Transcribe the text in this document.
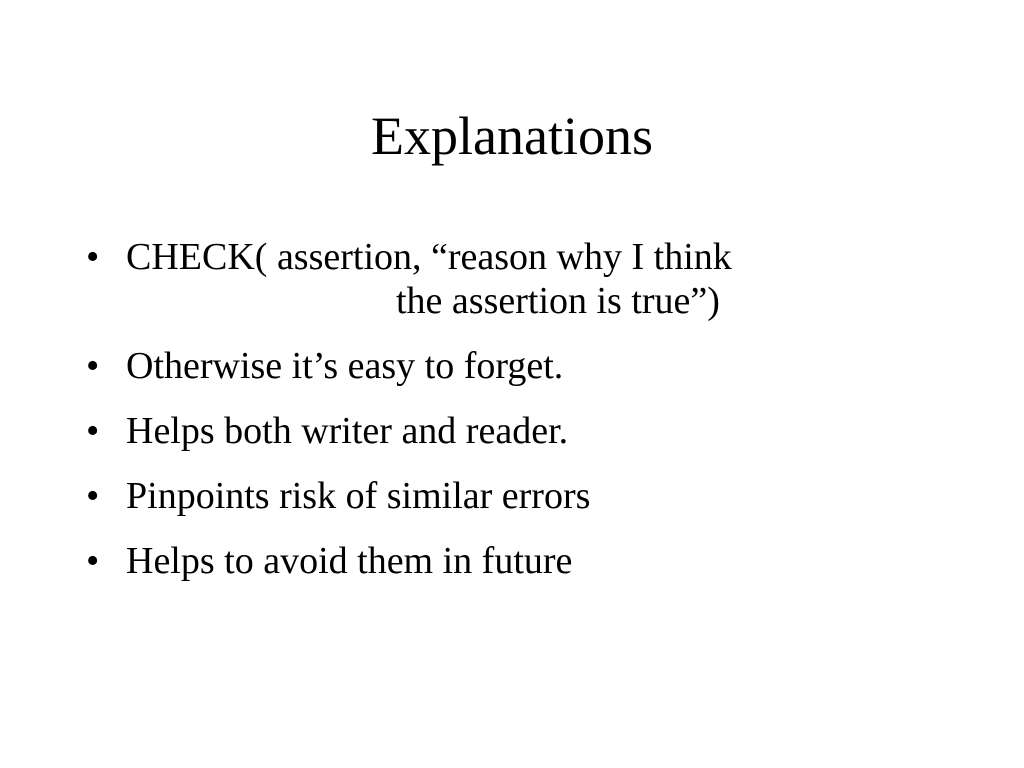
Explanations
• CHECK( assertion, “reason why I think
the assertion is true”)
• Otherwise it’s easy to forget.
• Helps both writer and reader.
• Pinpoints risk of similar errors
• Helps to avoid them in future
